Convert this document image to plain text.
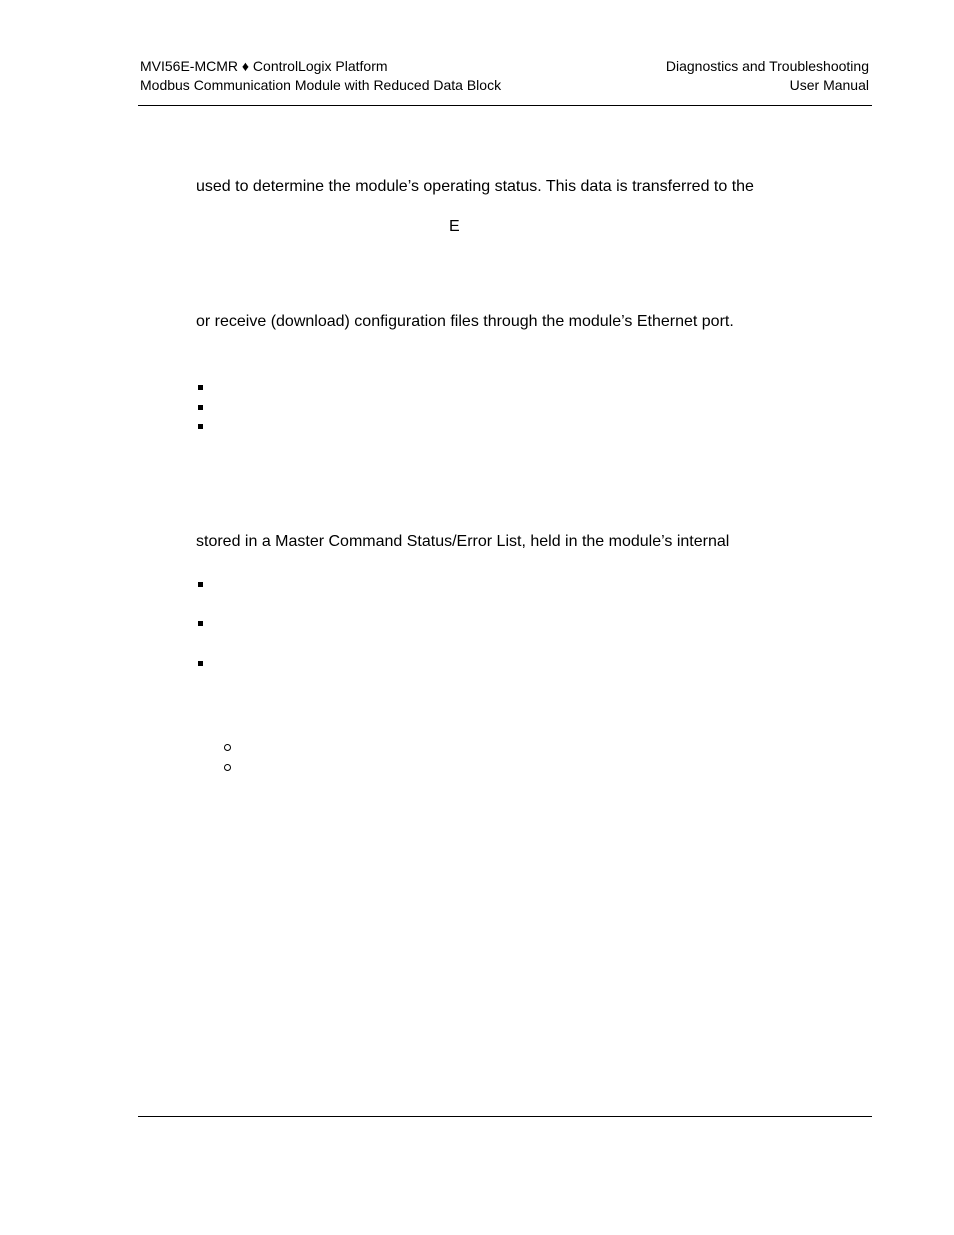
MVI56E-MCMR ♦ ControlLogix Platform
Modbus Communication Module with Reduced Data Block
Diagnostics and Troubleshooting
User Manual
used to determine the module’s operating status. This data is transferred to the
E
or receive (download) configuration files through the module’s Ethernet port.
stored in a Master Command Status/Error List, held in the module’s internal
